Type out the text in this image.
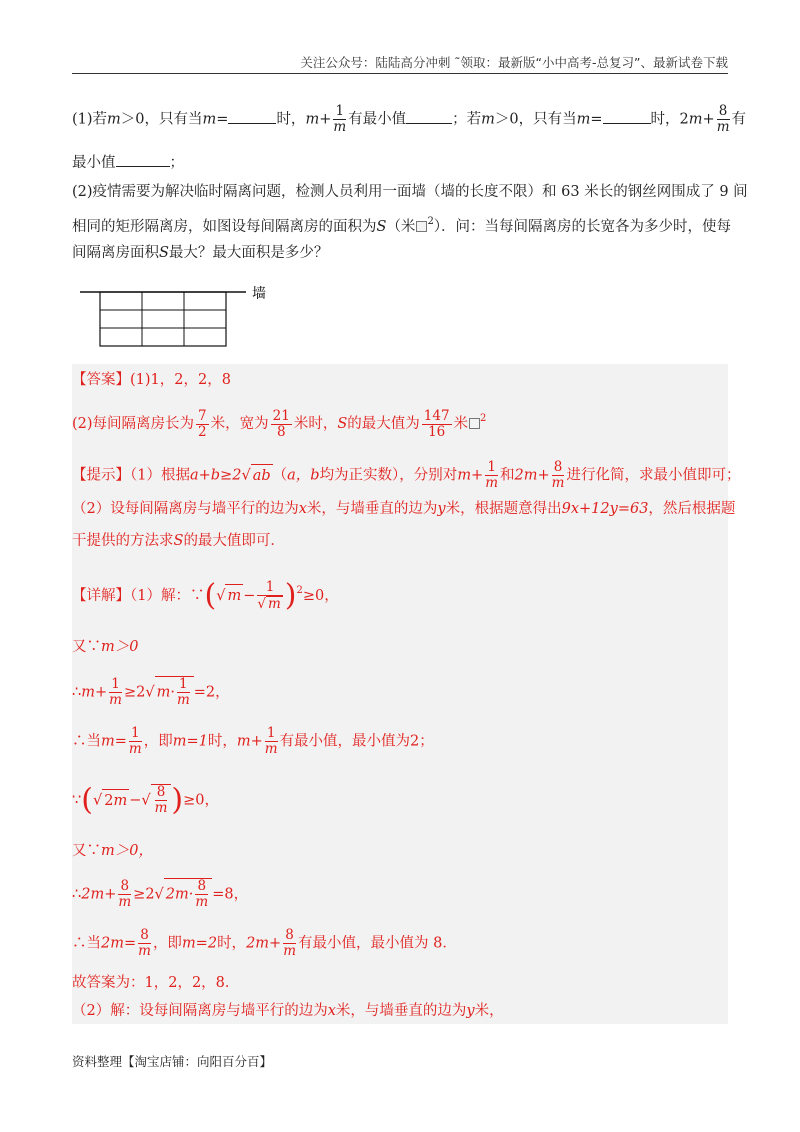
关注公众号：陆陆高分冲刺 ˜领取：最新版“小中高考-总复习”、最新试卷下载
(1)若m＞0，只有当m=	时，$m+ \frac{1}{m}$ 有最小值	；若m＞0，只有当m=	时，$2m+ \frac{8}{m}$ 有
最小值	；
(2)疫情需要为解决临时隔离问题，检测人员利用一面墙（墙的长度不限）和 63 米长的钢丝网围成了 9 间
相同的矩形隔离房，如图设每间隔离房的面积为S（米 $^2$）．问：当每间隔离房的长宽各为多少时，使每
间隔离房面积S最大？最大面积是多少？
墙
【答案】(1)1，2，2，8
(2)每间隔离房长为 $\frac{7}{2}$ 米，宽为 $\frac{21}{8}$ 米时，S的最大值为 $\frac{147}{16}$ 米 $^2$
【提示】（1）根据a+b≥2√ ab （a，b均为正实数），分别对$m+ \frac{1}{m}$ 和$2m+ \frac{8}{m}$ 进行化简，求最小值即可；
（2）设每间隔离房与墙平行的边为x米，与墙垂直的边为y米，根据题意得出9x+12y=63，然后根据题
干提供的方法求S的最大值即可．
【详解】（1）解：∵(√ $m - \frac{1}{√ m} )^2\ge 0$，
又∵m＞0
∴m+ $\frac{1}{m} \ge 2√$ $m\cdot \frac{1}{m} =2$，
∴当$m= \frac{1}{m}$ ，即m=1时，$m+ \frac{1}{m}$ 有最小值，最小值为2；
∵(√ 2m −√ $\frac{8}{m} )\ge 0$，
又∵m＞0，
∴2m+ $\frac{8}{m} \ge 2√$ $2m\cdot \frac{8}{m} =8$，
∴当$2m= \frac{8}{m}$ ，即m=2时，$2m+ \frac{8}{m}$ 有最小值，最小值为 8．
故答案为：1，2，2，8．
（2）解：设每间隔离房与墙平行的边为x米，与墙垂直的边为y米，
资料整理【淘宝店铺：向阳百分百】
